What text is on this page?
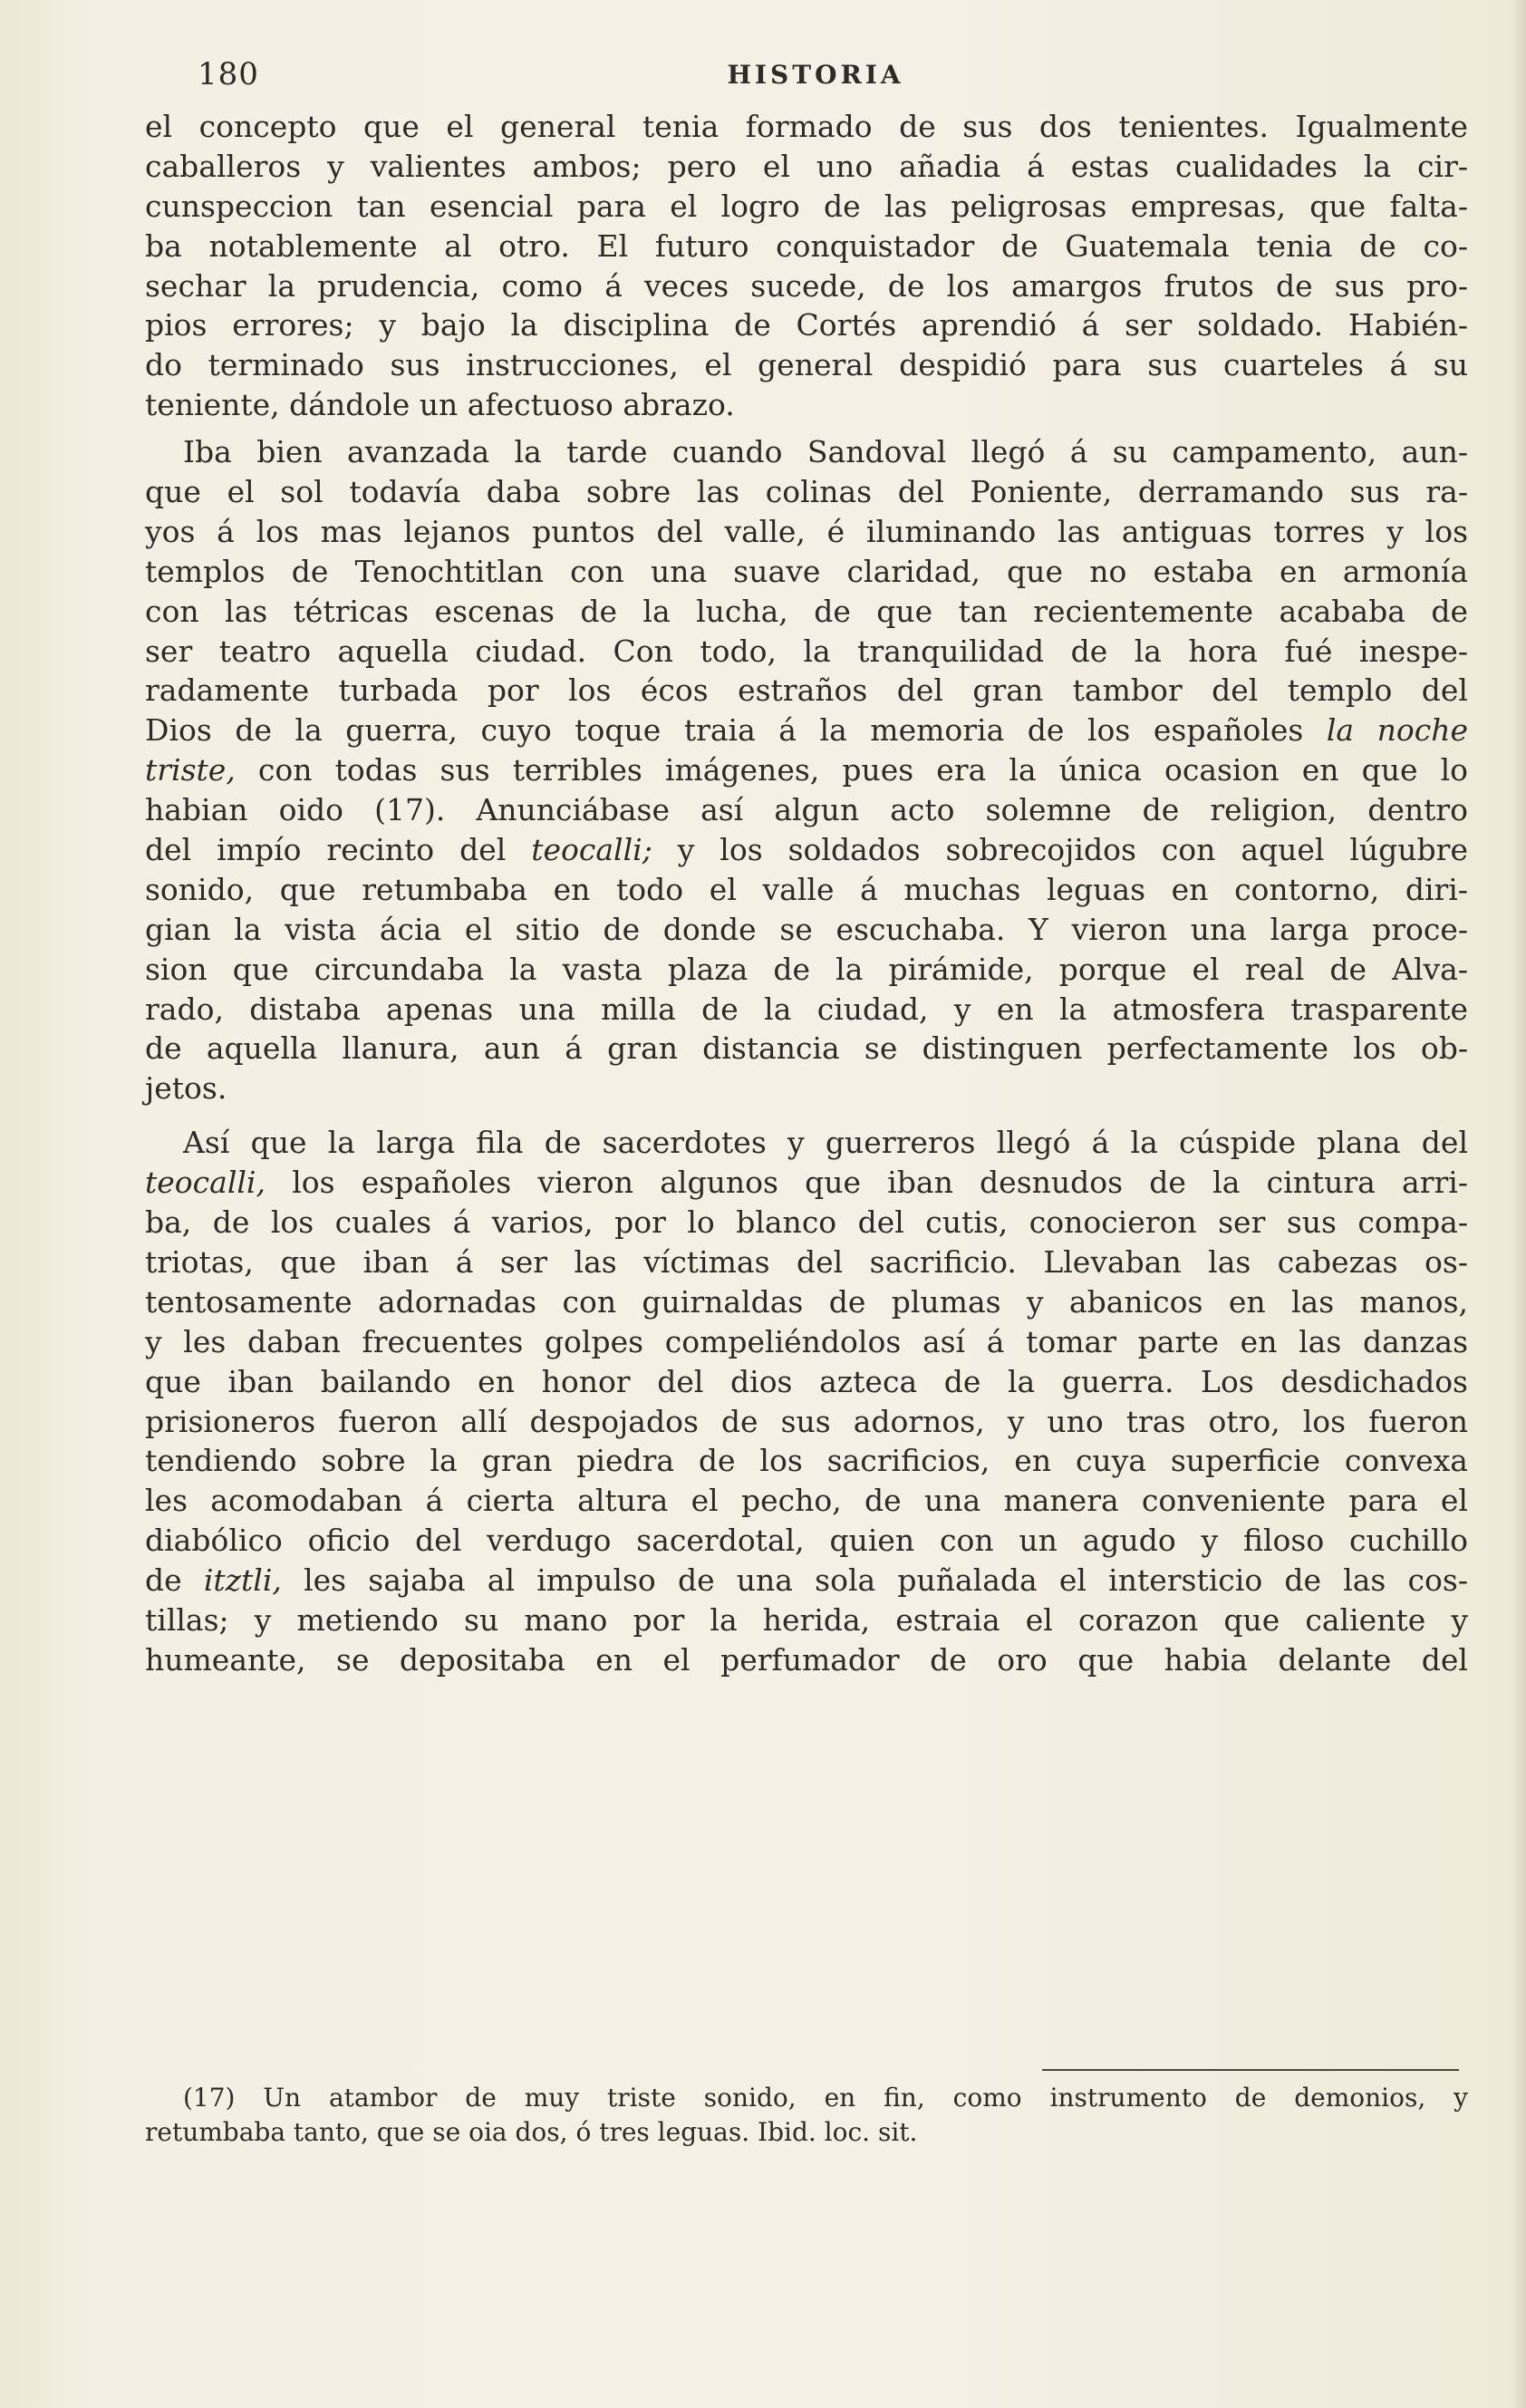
180	HISTORIA
el concepto que el general tenia formado de sus dos tenientes. Igualmente
caballeros y valientes ambos; pero el uno añadia á estas cualidades la cir-
cunspeccion tan esencial para el logro de las peligrosas empresas, que falta-
ba notablemente al otro. El futuro conquistador de Guatemala tenia de co-
sechar la prudencia, como á veces sucede, de los amargos frutos de sus pro-
pios errores; y bajo la disciplina de Cortés aprendió á ser soldado. Habién-
do terminado sus instrucciones, el general despidió para sus cuarteles á su
teniente, dándole un afectuoso abrazo.
Iba bien avanzada la tarde cuando Sandoval llegó á su campamento, aun-
que el sol todavía daba sobre las colinas del Poniente, derramando sus ra-
yos á los mas lejanos puntos del valle, é iluminando las antiguas torres y los
templos de Tenochtitlan con una suave claridad, que no estaba en armonía
con las tétricas escenas de la lucha, de que tan recientemente acababa de
ser teatro aquella ciudad. Con todo, la tranquilidad de la hora fué inespe-
radamente turbada por los écos estraños del gran tambor del templo del
Dios de la guerra, cuyo toque traia á la memoria de los españoles la noche
triste, con todas sus terribles imágenes, pues era la única ocasion en que lo
habian oido (17). Anunciábase así algun acto solemne de religion, dentro
del impío recinto del teocalli; y los soldados sobrecojidos con aquel lúgubre
sonido, que retumbaba en todo el valle á muchas leguas en contorno, diri-
gian la vista ácia el sitio de donde se escuchaba. Y vieron una larga proce-
sion que circundaba la vasta plaza de la pirámide, porque el real de Alva-
rado, distaba apenas una milla de la ciudad, y en la atmosfera trasparente
de aquella llanura, aun á gran distancia se distinguen perfectamente los ob-
jetos.
Así que la larga fila de sacerdotes y guerreros llegó á la cúspide plana del
teocalli, los españoles vieron algunos que iban desnudos de la cintura arri-
ba, de los cuales á varios, por lo blanco del cutis, conocieron ser sus compa-
triotas, que iban á ser las víctimas del sacrificio. Llevaban las cabezas os-
tentosamente adornadas con guirnaldas de plumas y abanicos en las manos,
y les daban frecuentes golpes compeliéndolos así á tomar parte en las danzas
que iban bailando en honor del dios azteca de la guerra. Los desdichados
prisioneros fueron allí despojados de sus adornos, y uno tras otro, los fueron
tendiendo sobre la gran piedra de los sacrificios, en cuya superficie convexa
les acomodaban á cierta altura el pecho, de una manera conveniente para el
diabólico oficio del verdugo sacerdotal, quien con un agudo y filoso cuchillo
de itztli, les sajaba al impulso de una sola puñalada el intersticio de las cos-
tillas; y metiendo su mano por la herida, estraia el corazon que caliente y
humeante, se depositaba en el perfumador de oro que habia delante del
(17) Un atambor de muy triste sonido, en fin, como instrumento de demonios, y
retumbaba tanto, que se oia dos, ó tres leguas. Ibid. loc. sit.
